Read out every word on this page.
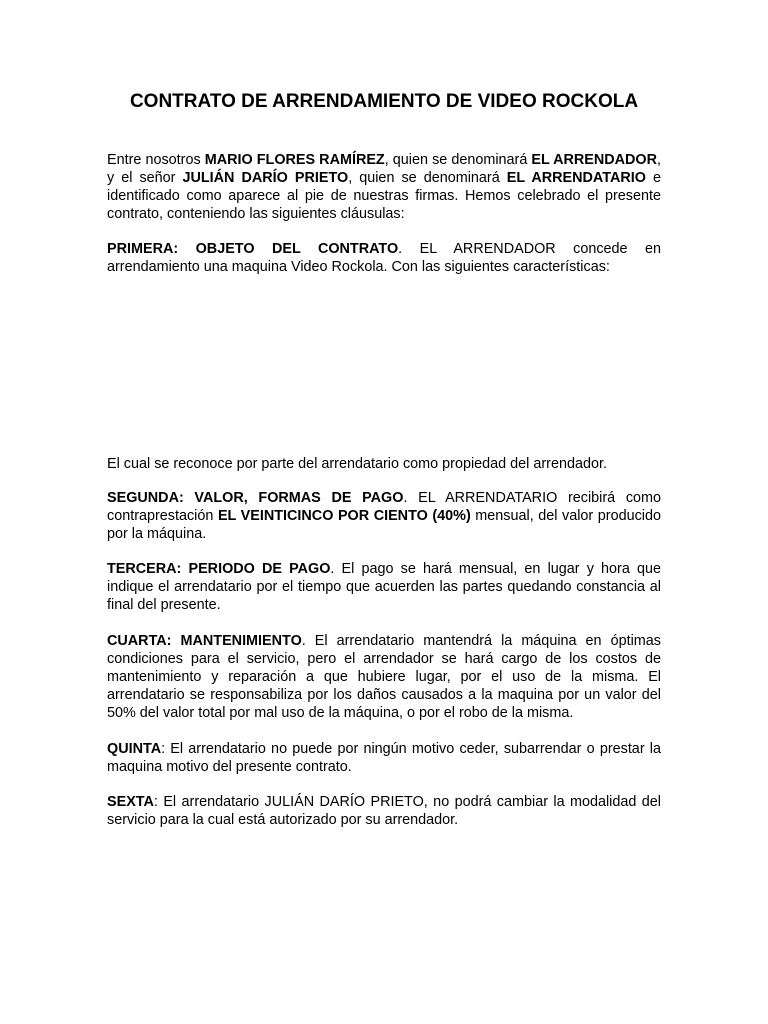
CONTRATO DE ARRENDAMIENTO DE VIDEO ROCKOLA

Entre nosotros MARIO FLORES RAMÍREZ, quien se denominará EL ARRENDADOR, y el señor JULIÁN DARÍO PRIETO, quien se denominará EL ARRENDATARIO e identificado como aparece al pie de nuestras firmas. Hemos celebrado el presente contrato, conteniendo las siguientes cláusulas:

PRIMERA: OBJETO DEL CONTRATO. EL ARRENDADOR concede en arrendamiento una maquina Video Rockola. Con las siguientes características:

El cual se reconoce por parte del arrendatario como propiedad del arrendador.

SEGUNDA: VALOR, FORMAS DE PAGO. EL ARRENDATARIO recibirá como contraprestación EL VEINTICINCO POR CIENTO (40%) mensual, del valor producido por la máquina.

TERCERA: PERIODO DE PAGO. El pago se hará mensual, en lugar y hora que indique el arrendatario por el tiempo que acuerden las partes quedando constancia al final del presente.

CUARTA: MANTENIMIENTO. El arrendatario mantendrá la máquina en óptimas condiciones para el servicio, pero el arrendador se hará cargo de los costos de mantenimiento y reparación a que hubiere lugar, por el uso de la misma. El arrendatario se responsabiliza por los daños causados a la maquina por un valor del 50% del valor total por mal uso de la máquina, o por el robo de la misma.

QUINTA: El arrendatario no puede por ningún motivo ceder, subarrendar o prestar la maquina motivo del presente contrato.

SEXTA: El arrendatario JULIÁN DARÍO PRIETO, no podrá cambiar la modalidad del servicio para la cual está autorizado por su arrendador.
